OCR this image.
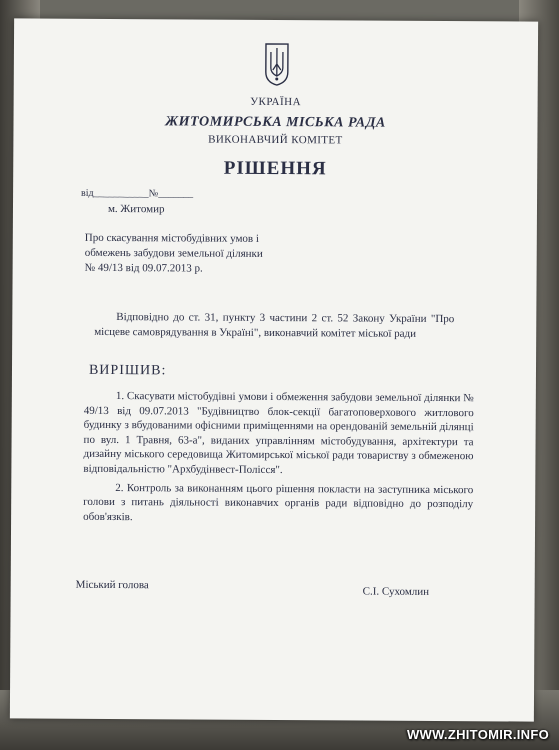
УКРАЇНА
ЖИТОМИРСЬКА МІСЬКА РАДА
ВИКОНАВЧИЙ КОМІТЕТ
РІШЕННЯ
від___________№_______
м. Житомир
Про скасування містобудівних умов і
обмежень забудови земельної ділянки
№ 49/13 від 09.07.2013 р.
Відповідно до ст. 31, пункту 3 частини 2 ст. 52 Закону України "Про місцеве самоврядування в Україні", виконавчий комітет міської ради
ВИРІШИВ:

1. Скасувати містобудівні умови і обмеження забудови земельної ділянки № 49/13 від 09.07.2013 "Будівництво блок-секції багатоповерхового житлового будинку з вбудованими офісними приміщеннями на орендованій земельній ділянці по вул. 1 Травня, 63-а", виданих управлінням містобудування, архітектури та дизайну міського середовища Житомирської міської ради товариству з обмеженою відповідальністю "Архбудінвест-Полісся".

2. Контроль за виконанням цього рішення покласти на заступника міського голови з питань діяльності виконавчих органів ради відповідно до розподілу обов'язків.

Міський голова
С.І. Сухомлин
WWW.ZHITOMIR.INFO
